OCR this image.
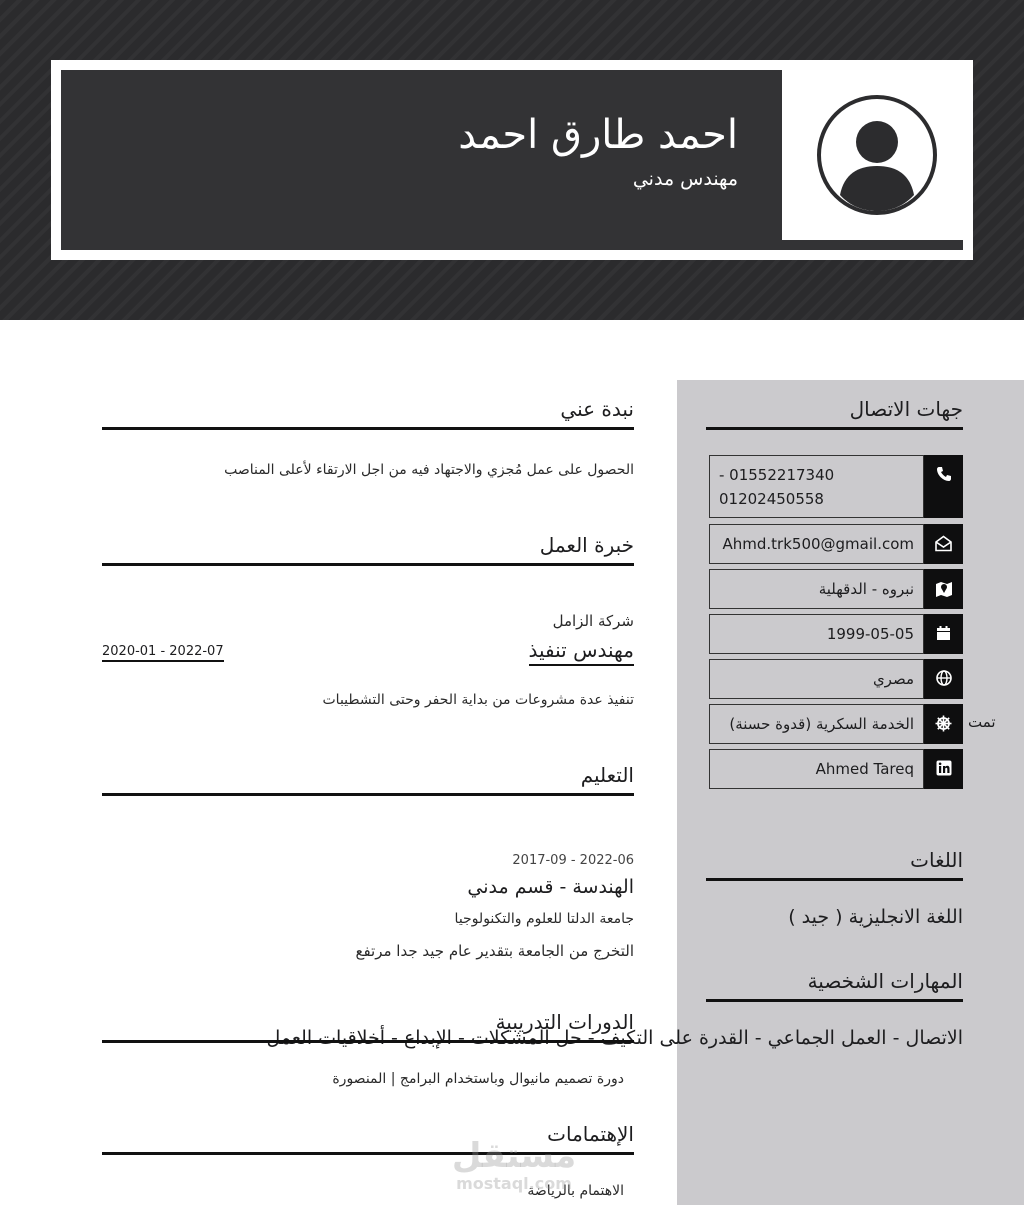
احمد طارق احمد
مهندس مدني
جهات الاتصال
- 01552217340
01202450558
Ahmd.trk500@gmail.com
نبروه - الدقهلية
1999-05-05
مصري
الخدمة السكرية (قدوة حسنة)	تمت
Ahmed Tareq
اللغات
اللغة الانجليزية ( جيد )
المهارات الشخصية
الاتصال - العمل الجماعي - القدرة على التكيف - حل المشكلات - الإبداع - أخلاقيات العمل
نبدة عني
الحصول على عمل مُجزي والاجتهاد فيه من اجل الارتقاء لأعلى المناصب
خبرة العمل
شركة الزامل
مهندس تنفيذ
2020-01 - 2022-07
تنفيذ عدة مشروعات من بداية الحفر وحتى التشطيبات
التعليم
2017-09 - 2022-06
الهندسة - قسم مدني
جامعة الدلتا للعلوم والتكنولوجيا
التخرج من الجامعة بتقدير عام جيد جدا مرتفع
الدورات التدريبية
دورة تصميم مانيوال وباستخدام البرامج | المنصورة
الإهتمامات
الاهتمام بالرياضة
مستقل
mostaql.com
